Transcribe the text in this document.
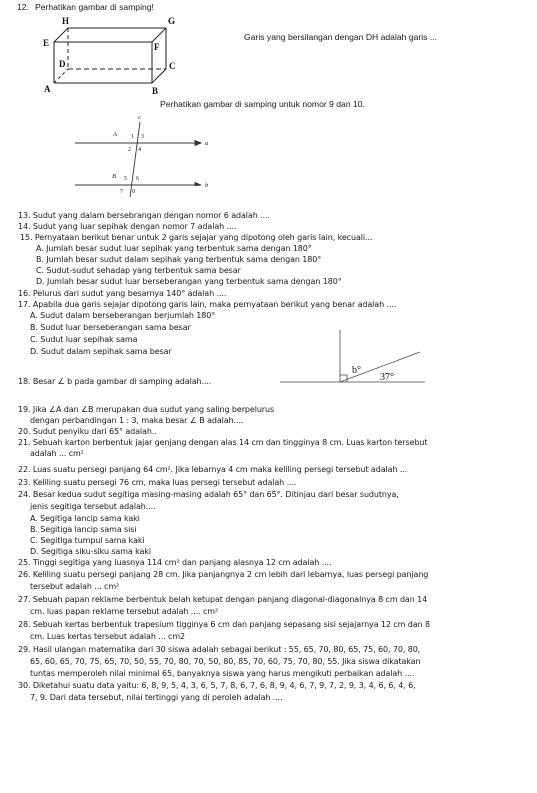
12. Perhatikan gambar di samping!
H	G
E	F
D	C
A	B
Garis yang bersilangan dengan DH adalah garis ...
Perhatikan gambar di samping untuk nomor 9 dan 10.
c
A
a
B
b
1 3
2 4
5 6
7 8
13. Sudut yang dalam bersebrangan dengan nomor 6 adalah ....
14. Sudut yang luar sepihak dengan nomor 7 adalah ....
15. Pernyataan berikut benar untuk 2 garis sejajar yang dipotong oleh garis lain, kecuali...
A. Jumlah besar sudut luar sepihak yang terbentuk sama dengan 180°
B. Jumlah besar sudut dalam sepihak yang terbentuk sama dengan 180°
C. Sudut-sudut sehadap yang terbentuk sama besar
D. Jumlah besar sudut luar berseberangan yang terbentuk sama dengan 180°
16. Pelurus dari sudut yang besarnya 140° adalah ....
17. Apabila dua garis sejajar dipotong garis lain, maka pernyataan berikut yang benar adalah ....
A. Sudut dalam berseberangan berjumlah 180°
B. Sudut luar berseberangan sama besar
C. Sudut luar sepihak sama
D. Sudut dalam sepihak sama besar
18. Besar ∠ b pada gambar di samping adalah....
b°
37°
19. Jika ∠A dan ∠B merupakan dua sudut yang saling berpelurus
dengan perbandingan 1 : 3, maka besar ∠ B adalah....
20. Sudut penyiku dari 65° adalah..
21. Sebuah karton berbentuk jajar genjang dengan alas 14 cm dan tingginya 8 cm. Luas karton tersebut
adalah ... cm²
22. Luas suatu persegi panjang 64 cm². Jika lebarnya 4 cm maka keliling persegi tersebut adalah ...
23. Keliling suatu persegi 76 cm, maka luas persegi tersebut adalah ....
24. Besar kedua sudut segitiga masing-masing adalah 65° dan 65°. Ditinjau dari besar sudutnya,
jenis segitiga tersebut adalah....
A. Segitiga lancip sama kaki
B. Segitiga lancip sama sisi
C. Segitiga tumpul sama kaki
D. Segitiga siku-siku sama kaki
25. Tinggi segitiga yang luasnya 114 cm² dan panjang alasnya 12 cm adalah ....
26. Keliling suatu persegi panjang 28 cm. Jika panjangnya 2 cm lebih dari lebarnya, luas persegi panjang
tersebut adalah ... cm²
27. Sebuah papan reklame berbentuk belah ketupat dengan panjang diagonal-diagonalnya 8 cm dan 14
cm. luas papan reklame tersebut adalah .... cm²
28. Sebuah kertas berbentuk trapesium tigginya 6 cm dan panjang sepasang sisi sejajarnya 12 cm dan 8
cm. Luas kertas tersebut adalah ... cm2
29. Hasil ulangan matematika dari 30 siswa adalah sebagai berikut : 55, 65, 70, 80, 65, 75, 60, 70, 80,
65, 60, 65, 70, 75, 65, 70, 50, 55, 70, 80, 70, 50, 80, 85, 70, 60, 75, 70, 80, 55. Jika siswa dikatakan
tuntas memperoleh nilai minimal 65, banyaknya siswa yang harus mengikuti perbaikan adalah ....
30. Diketahui suatu data yaitu: 6, 8, 9, 5, 4, 3, 6, 5, 7, 8, 6, 7, 6, 8, 9, 4, 6, 7, 9, 7, 2, 9, 3, 4, 6, 6, 4, 6,
7, 9. Dari data tersebut, nilai tertinggi yang di peroleh adalah ....
